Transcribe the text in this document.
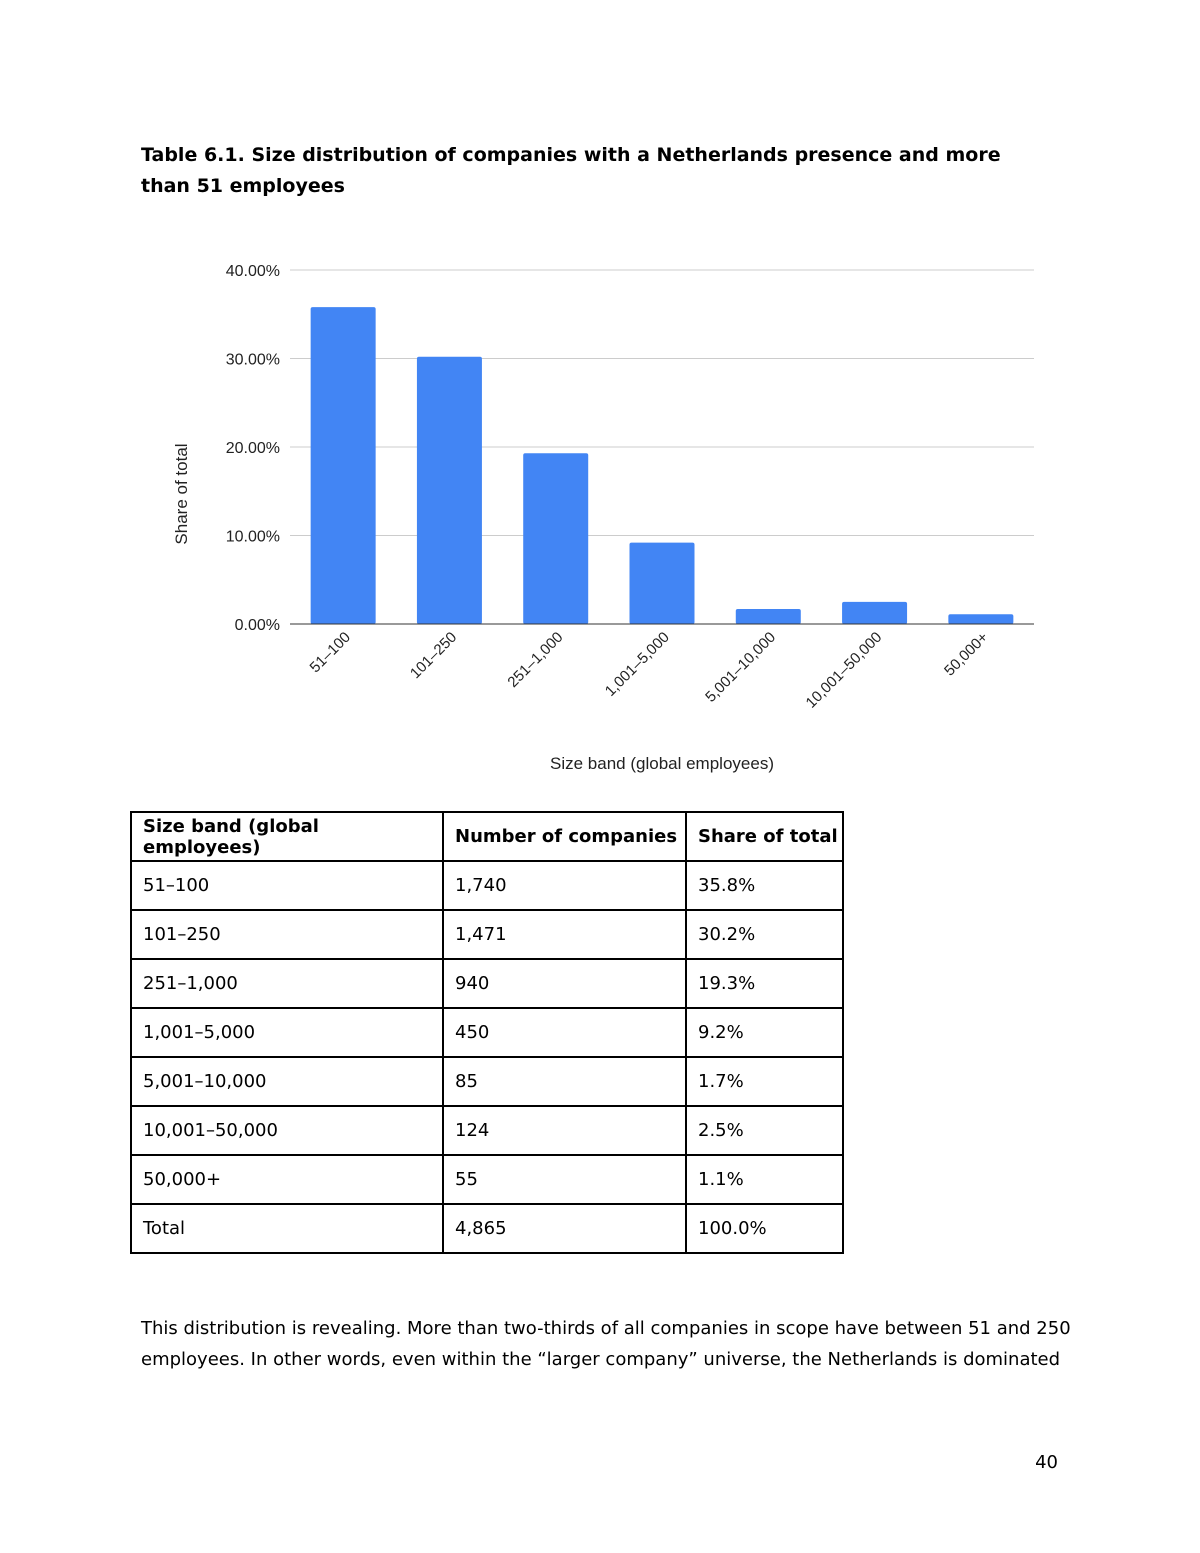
Table 6.1. Size distribution of companies with a Netherlands presence and more than 51 employees

0.00%
10.00%
20.00%
30.00%
40.00%
51–100	101–250	251–1,000 1,001–5,000 5,001–10,000 10,001–50,000	50,000+
Size band (global employees)
Share of total
Size band (global employees)	Number of companies	Share of total
51–100	1,740	35.8%
101–250	1,471	30.2%
251–1,000	940	19.3%
1,001–5,000	450	9.2%
5,001–10,000	85	1.7%
10,001–50,000	124	2.5%
50,000+	55	1.1%
Total	4,865	100.0%

This distribution is revealing. More than two-thirds of all companies in scope have between 51 and 250 employees. In other words, even within the “larger company” universe, the Netherlands is dominated

40
